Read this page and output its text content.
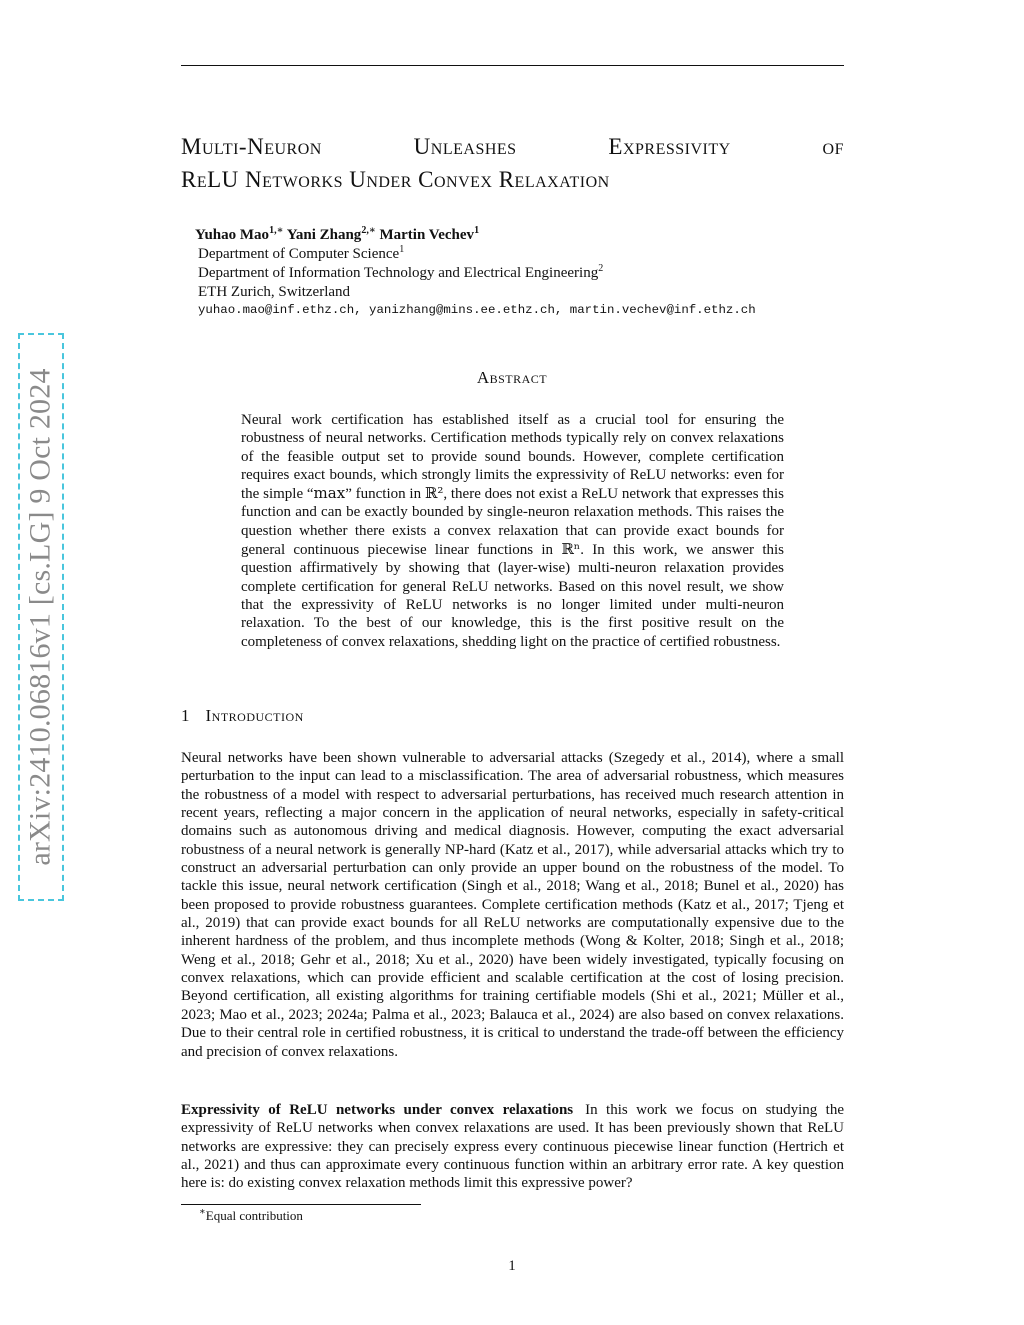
arXiv:2410.06816v1 [cs.LG] 9 Oct 2024
Multi-Neuron	Unleashes	Expressivity	of
ReLU Networks Under Convex Relaxation
Yuhao Mao$^{1,∗}$ Yani Zhang$^{2,∗}$ Martin Vechev$^1$
Department of Computer Science$^1$
Department of Information Technology and Electrical Engineering$^2$
ETH Zurich, Switzerland
yuhao.mao@inf.ethz.ch, yanizhang@mins.ee.ethz.ch, martin.vechev@inf.ethz.ch
Abstract

Neural work certification has established itself as a crucial tool for ensuring the robustness of neural networks. Certification methods typically rely on convex relaxations of the feasible output set to provide sound bounds. However, complete certification requires exact bounds, which strongly limits the expressivity of ReLU networks: even for the simple “max” function in ℝ², there does not exist a ReLU network that expresses this function and can be exactly bounded by single-neuron relaxation methods. This raises the question whether there exists a convex relaxation that can provide exact bounds for general continuous piecewise linear functions in ℝⁿ. In this work, we answer this question affirmatively by showing that (layer-wise) multi-neuron relaxation provides complete certification for general ReLU networks. Based on this novel result, we show that the expressivity of ReLU networks is no longer limited under multi-neuron relaxation. To the best of our knowledge, this is the first positive result on the completeness of convex relaxations, shedding light on the practice of certified robustness.

1 Introduction

Neural networks have been shown vulnerable to adversarial attacks (Szegedy et al., 2014), where a small perturbation to the input can lead to a misclassification. The area of adversarial robustness, which measures the robustness of a model with respect to adversarial perturbations, has received much research attention in recent years, reflecting a major concern in the application of neural networks, especially in safety-critical domains such as autonomous driving and medical diagnosis. However, computing the exact adversarial robustness of a neural network is generally NP-hard (Katz et al., 2017), while adversarial attacks which try to construct an adversarial perturbation can only provide an upper bound on the robustness of the model. To tackle this issue, neural network certification (Singh et al., 2018; Wang et al., 2018; Bunel et al., 2020) has been proposed to provide robustness guarantees. Complete certification methods (Katz et al., 2017; Tjeng et al., 2019) that can provide exact bounds for all ReLU networks are computationally expensive due to the inherent hardness of the problem, and thus incomplete methods (Wong & Kolter, 2018; Singh et al., 2018; Weng et al., 2018; Gehr et al., 2018; Xu et al., 2020) have been widely investigated, typically focusing on convex relaxations, which can provide efficient and scalable certification at the cost of losing precision. Beyond certification, all existing algorithms for training certifiable models (Shi et al., 2021; Müller et al., 2023; Mao et al., 2023; 2024a; Palma et al., 2023; Balauca et al., 2024) are also based on convex relaxations. Due to their central role in certified robustness, it is critical to understand the trade-off between the efficiency and precision of convex relaxations.

Expressivity of ReLU networks under convex relaxations In this work we focus on studying the expressivity of ReLU networks when convex relaxations are used. It has been previously shown that ReLU networks are expressive: they can precisely express every continuous piecewise linear function (Hertrich et al., 2021) and thus can approximate every continuous function within an arbitrary error rate. A key question here is: do existing convex relaxation methods limit this expressive power?

∗Equal contribution
1
